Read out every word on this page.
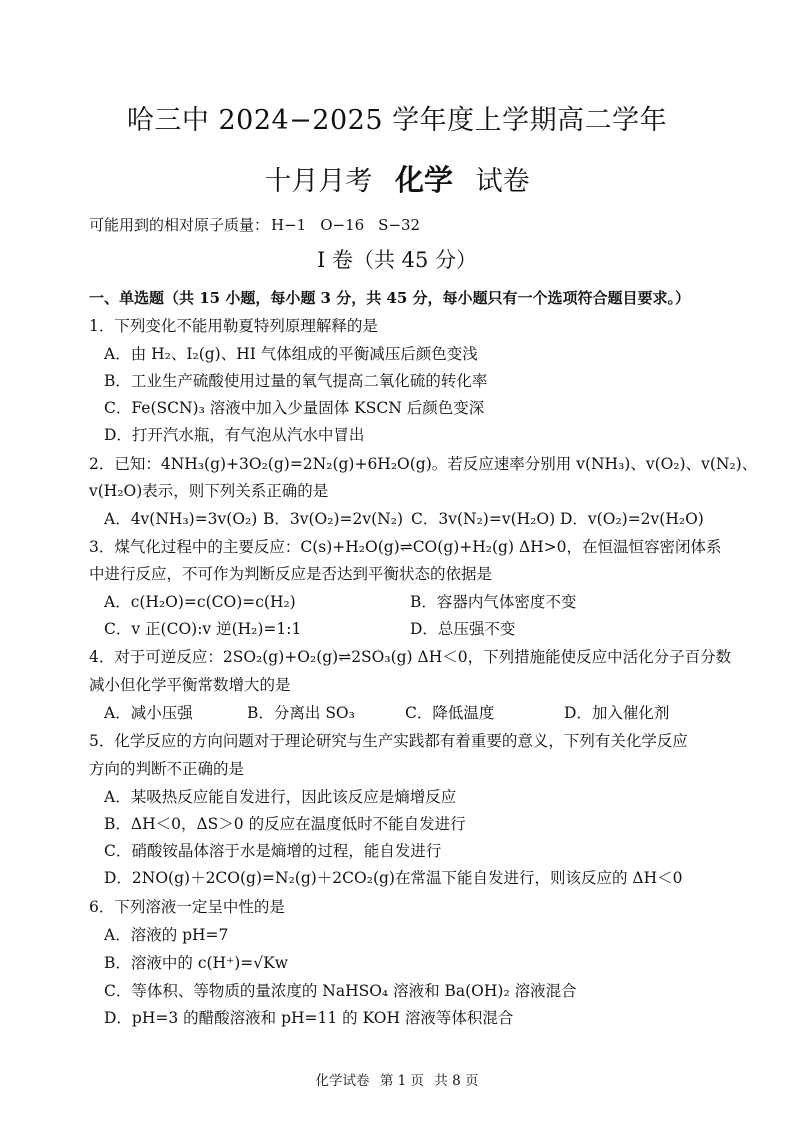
哈三中 2024−2025 学年度上学期高二学年
十月月考 化学 试卷
可能用到的相对原子质量： H−1 O−16 S−32
I 卷（共 45 分）
一、单选题（共 15 小题，每小题 3 分，共 45 分，每小题只有一个选项符合题目要求。）
1．下列变化不能用勒夏特列原理解释的是
A．由 H₂、I₂(g)、HI 气体组成的平衡减压后颜色变浅
B．工业生产硫酸使用过量的氧气提高二氧化硫的转化率
C．Fe(SCN)₃ 溶液中加入少量固体 KSCN 后颜色变深
D．打开汽水瓶，有气泡从汽水中冒出
2．已知：4NH₃(g)+3O₂(g)=2N₂(g)+6H₂O(g)。若反应速率分别用 v(NH₃)、v(O₂)、v(N₂)、
v(H₂O)表示，则下列关系正确的是
A．4v(NH₃)=3v(O₂) B．3v(O₂)=2v(N₂) C．3v(N₂)=v(H₂O) D．v(O₂)=2v(H₂O)
3．煤气化过程中的主要反应：C(s)+H₂O(g)⇌CO(g)+H₂(g) ΔH>0，在恒温恒容密闭体系
中进行反应，不可作为判断反应是否达到平衡状态的依据是
A．c(H₂O)=c(CO)=c(H₂)	B．容器内气体密度不变
C．v 正(CO):v 逆(H₂)=1:1	D．总压强不变
4．对于可逆反应：2SO₂(g)+O₂(g)⇌2SO₃(g) ΔH＜0，下列措施能使反应中活化分子百分数
减小但化学平衡常数增大的是
A．减小压强	B．分离出 SO₃	C．降低温度	D．加入催化剂
5．化学反应的方向问题对于理论研究与生产实践都有着重要的意义，下列有关化学反应
方向的判断不正确的是
A．某吸热反应能自发进行，因此该反应是熵增反应
B．ΔH＜0，ΔS＞0 的反应在温度低时不能自发进行
C．硝酸铵晶体溶于水是熵增的过程，能自发进行
D．2NO(g)＋2CO(g)=N₂(g)＋2CO₂(g)在常温下能自发进行，则该反应的 ΔH＜0
6．下列溶液一定呈中性的是
A．溶液的 pH=7
B．溶液中的 c(H⁺)=√Kw
C．等体积、等物质的量浓度的 NaHSO₄ 溶液和 Ba(OH)₂ 溶液混合
D．pH=3 的醋酸溶液和 pH=11 的 KOH 溶液等体积混合
化学试卷 第 1 页 共 8 页
